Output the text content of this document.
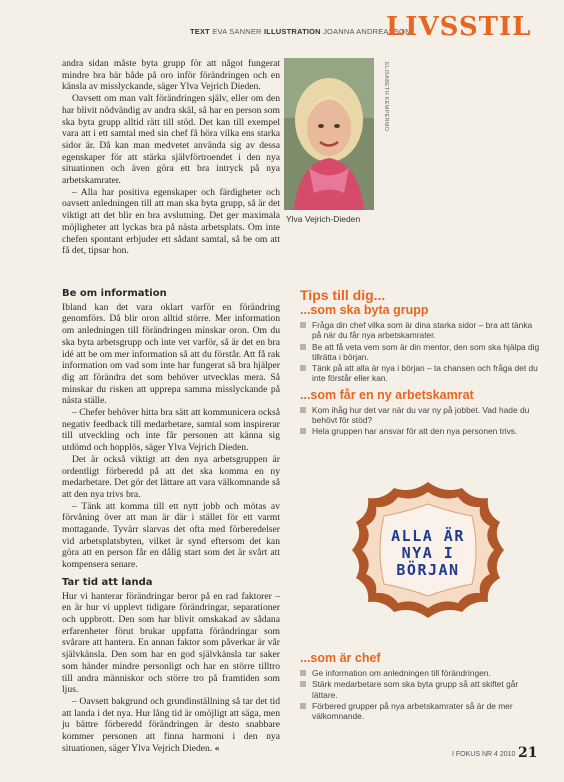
TEXT EVA SANNER ILLUSTRATION JOANNA ANDREASSON
LIVSSTIL

andra sidan måste byta grupp för att något fungerat mindre bra bär både på oro inför förändringen och en känsla av misslyckande, säger Ylva Vejrich Dieden.

Oavsett om man valt förändringen själv, eller om den har blivit nödvändig av andra skäl, så har en person som ska byta grupp alltid rätt till stöd. Det kan till exempel vara att i ett samtal med sin chef få höra vilka ens starka sidor är. Då kan man medvetet använda sig av dessa egenskaper för att stärka självförtroendet i den nya situationen och även göra ett bra intryck på nya arbetskamrater.

– Alla har positiva egenskaper och färdigheter och oavsett anledningen till att man ska byta grupp, så är det viktigt att det blir en bra avslutning. Det ger maximala möjligheter att lyckas bra på nästa arbetsplats. Om inte chefen spontant erbjuder ett sådant samtal, så be om att få det, tipsar hon.

ELISABETH KEMPERMO
Ylva Vejrich-Dieden
Be om information

Ibland kan det vara oklart varför en förändring genomförs. Då blir oron alltid större. Mer information om anledningen till förändringen minskar oron. Om du ska byta arbetsgrupp och inte vet varför, så är det en bra idé att be om mer information så att du förstår. Att få rak information om vad som inte har fungerat så bra hjälper dig att förändra det som behöver utvecklas mera. Så minskar du risken att upprepa samma misslyckande på nästa ställe.

– Chefer behöver hitta bra sätt att kommunicera också negativ feedback till medarbetare, samtal som inspirerar till utveckling och inte får personen att känna sig utdömd och hopplös, säger Ylva Vejrich Dieden.

Det är också viktigt att den nya arbetsgruppen är ordentligt förberedd på att det ska komma en ny medarbetare. Det gör det lättare att vara välkomnande så att den nya trivs bra.

– Tänk att komma till ett nytt jobb och mötas av förvåning över att man är där i stället för ett varmt mottagande. Tyvärr slarvas det ofta med förberedelser vid arbetsplatsbyten, vilket är synd eftersom det kan göra att en person får en dålig start som det är svårt att kompensera senare.

Tar tid att landa

Hur vi hanterar förändringar beror på en rad faktorer – en är hur vi upplevt tidigare förändringar, separationer och uppbrott. Den som har blivit omskakad av sådana erfarenheter förut brukar uppfatta förändringar som svårare att hantera. En annan faktor som påverkar är vår självkänsla. Den som har en god självkänsla tar saker som händer mindre personligt och har en större tilltro till andra människor och större tro på framtiden som ljus.

– Oavsett bakgrund och grundinställning så tar det tid att landa i det nya. Hur lång tid är omöjligt att säga, men ju bättre förberedd förändringen är desto snabbare kommer personen att finna harmoni i den nya situationen, säger Ylva Vejrich Dieden. «

Tips till dig...
...som ska byta grupp
Fråga din chef vilka som är dina starka sidor – bra att tänka på när du får nya arbetskamrater.
Be att få veta vem som är din mentor, den som ska hjälpa dig tillrätta i början.
Tänk på att alla är nya i början – ta chansen och fråga det du inte förstår eller kan.
...som får en ny arbetskamrat
Kom ihåg hur det var när du var ny på jobbet. Vad hade du behövt för stöd?
Hela gruppen har ansvar för att den nya personen trivs.
ALLA ÄR
NYA I
BÖRJAN
...som är chef
Ge information om anledningen till förändringen.
Stärk medarbetare som ska byta grupp så att skiftet går lättare.
Förbered grupper på nya arbetskamrater så är de mer välkomnande.
I FOKUS NR 4 2010 21
